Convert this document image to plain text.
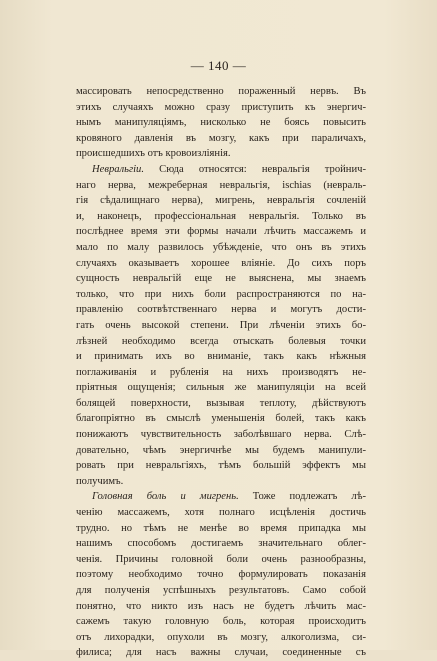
— 140 —
массировать непосредственно пораженный нервъ. Въ
этихъ случаяхъ можно сразу приступить къ энергич-
нымъ манипуляціямъ, нисколько не боясь повысить
кровяного давленія въ мозгу, какъ при параличахъ,
происшедшихъ отъ кровоизліянія.
Невральгіи. Сюда относятся: невральгія тройнич-
наго нерва, межреберная невральгія, ischias (невраль-
гія сѣдалищнаго нерва), мигрень, невральгія сочленій
и, наконецъ, профессіональная невральгія. Только въ
послѣднее время эти формы начали лѣчить массажемъ и
мало по малу развилось убѣжденіе, что онъ въ этихъ
случаяхъ оказываетъ хорошее вліяніе. До сихъ поръ
сущность невральгій еще не выяснена, мы знаемъ
только, что при нихъ боли распространяются по на-
правленію соотвѣтственнаго нерва и могутъ дости-
гать очень высокой степени. При лѣченіи этихъ бо-
лѣзней необходимо всегда отыскать болевыя точки
и принимать ихъ во вниманіе, такъ какъ нѣжныя
поглаживанія и рубленія на нихъ производятъ не-
пріятныя ощущенія; сильныя же манипуляціи на всей
болящей поверхности, вызывая теплоту, дѣйствуютъ
благопріятно въ смыслѣ уменьшенія болей, такъ какъ
понижаютъ чувствительность заболѣвшаго нерва. Слѣ-
довательно, чѣмъ энергичнѣе мы будемъ манипули-
ровать при невральгіяхъ, тѣмъ большій эффектъ мы
получимъ.
Головная боль и мигрень. Тоже подлежатъ лѣ-
ченію массажемъ, хотя полнаго исцѣленія достичь
трудно. но тѣмъ не менѣе во время припадка мы
нашимъ способомъ достигаемъ значительнаго облег-
ченія. Причины головной боли очень разнообразны,
поэтому необходимо точно формулировать показанія
для полученія успѣшныхъ результатовъ. Само собой
понятно, что никто изъ насъ не будетъ лѣчить мас-
сажемъ такую головную боль, которая происходитъ
отъ лихорадки, опухоли въ мозгу, алкоголизма, си-
филиса; для насъ важны случаи, соединенные съ
